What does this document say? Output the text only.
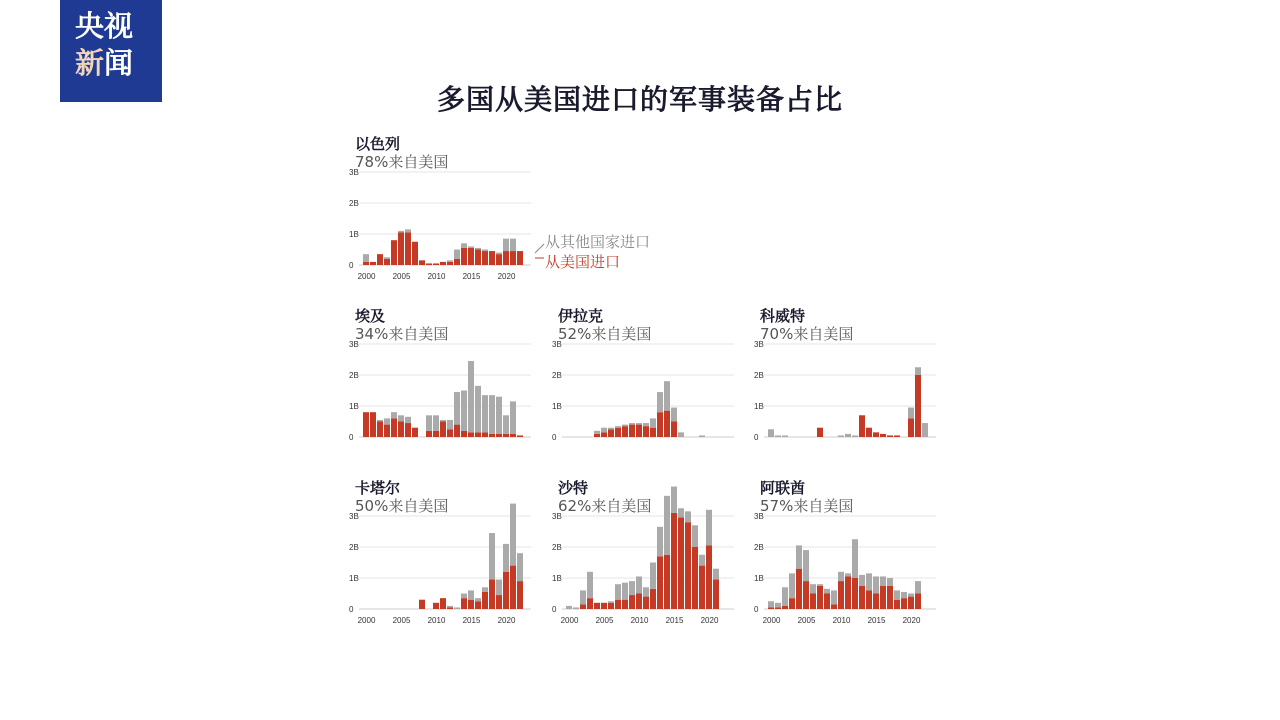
央视
新闻
多国从美国进口的军事装备占比
以色列
78%来自美国
0
1B
2B
3B
2000 2005 2010 2015 2020
埃及
34%来自美国
0
1B
2B
3B
伊拉克
52%来自美国
0
1B
2B
3B
科威特
70%来自美国
0
1B
2B
3B
卡塔尔
50%来自美国
0
1B
2B
3B
2000 2005 2010 2015 2020
沙特
62%来自美国
0
1B
2B
3B
2000 2005 2010 2015 2020
阿联酋
57%来自美国
0
1B
2B
3B
2000 2005 2010 2015 2020
从其他国家进口
从美国进口
